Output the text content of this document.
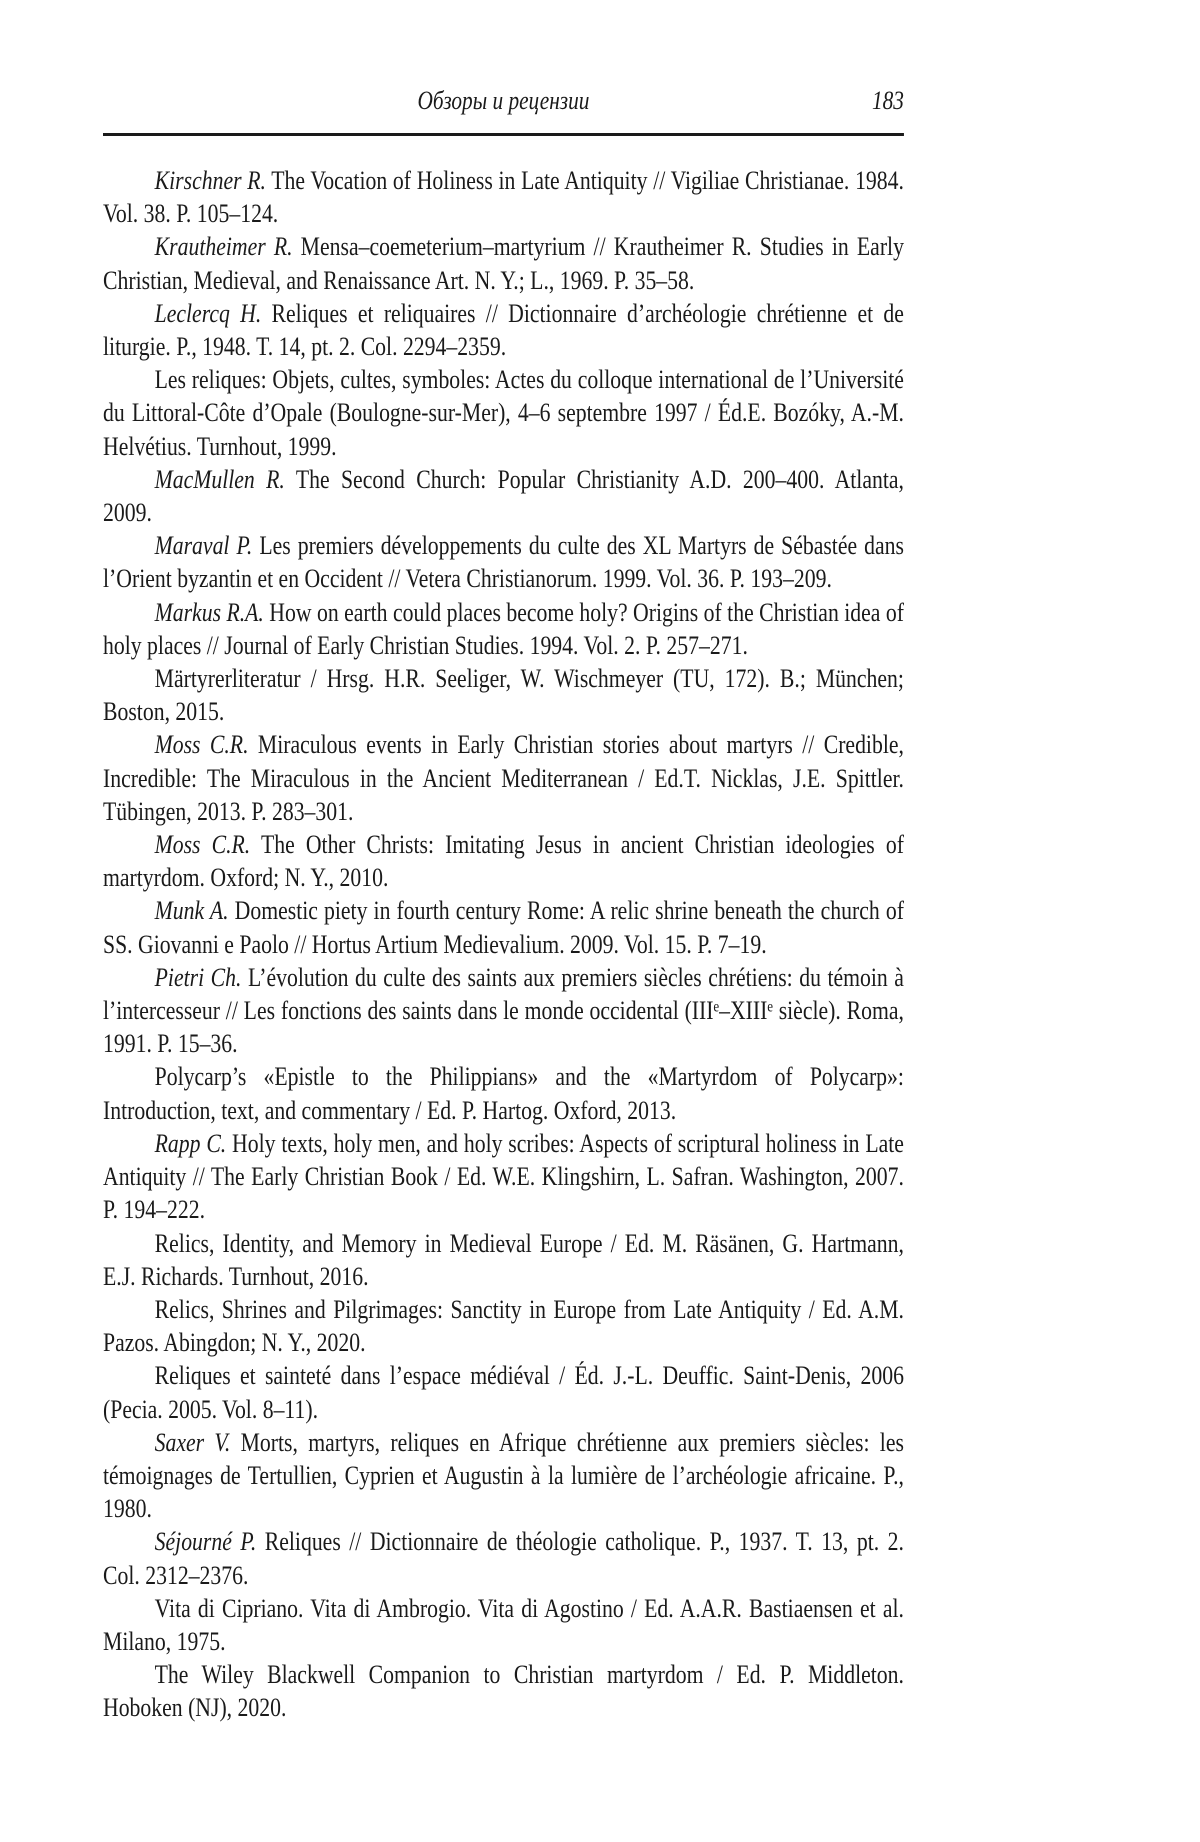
Обзоры и рецензии	183

Kirschner R. The Vocation of Holiness in Late Antiquity // Vigiliae Christianae. 1984. Vol. 38. P. 105–124.

Krautheimer R. Mensa–coemeterium–martyrium // Krautheimer R. Studies in Early Christian, Medieval, and Renaissance Art. N. Y.; L., 1969. P. 35–58.

Leclercq H. Reliques et reliquaires // Dictionnaire d’archéologie chrétienne et de liturgie. P., 1948. T. 14, pt. 2. Col. 2294–2359.

Les reliques: Objets, cultes, symboles: Actes du colloque international de l’Université du Littoral-Côte d’Opale (Boulogne-sur-Mer), 4–6 septembre 1997 / Éd.E. Bozóky, A.-M. Helvétius. Turnhout, 1999.

MacMullen R. The Second Church: Popular Christianity A.D. 200–400. Atlanta, 2009.

Maraval P. Les premiers développements du culte des XL Martyrs de Sébastée dans l’Orient byzantin et en Occident // Vetera Christianorum. 1999. Vol. 36. P. 193–209.

Markus R.A. How on earth could places become holy? Origins of the Christian idea of holy places // Journal of Early Christian Studies. 1994. Vol. 2. P. 257–271.

Märtyrerliteratur / Hrsg. H.R. Seeliger, W. Wischmeyer (TU, 172). B.; München; Boston, 2015.

Moss C.R. Miraculous events in Early Christian stories about martyrs // Credible, Incredible: The Miraculous in the Ancient Mediterranean / Ed.T. Nicklas, J.E. Spittler. Tübingen, 2013. P. 283–301.

Moss C.R. The Other Christs: Imitating Jesus in ancient Christian ideologies of martyrdom. Oxford; N. Y., 2010.

Munk A. Domestic piety in fourth century Rome: A relic shrine beneath the church of SS. Giovanni e Paolo // Hortus Artium Medievalium. 2009. Vol. 15. P. 7–19.

Pietri Ch. L’évolution du culte des saints aux premiers siècles chrétiens: du témoin à l’intercesseur // Les fonctions des saints dans le monde occidental (IIIᵉ–XIIIᵉ siècle). Roma, 1991. P. 15–36.

Polycarp’s «Epistle to the Philippians» and the «Martyrdom of Polycarp»: Introduction, text, and commentary / Ed. P. Hartog. Oxford, 2013.

Rapp C. Holy texts, holy men, and holy scribes: Aspects of scriptural holiness in Late Antiquity // The Early Christian Book / Ed. W.E. Klingshirn, L. Safran. Washington, 2007. P. 194–222.

Relics, Identity, and Memory in Medieval Europe / Ed. M. Räsänen, G. Hartmann, E.J. Richards. Turnhout, 2016.

Relics, Shrines and Pilgrimages: Sanctity in Europe from Late Antiquity / Ed. A.M. Pazos. Abingdon; N. Y., 2020.

Reliques et sainteté dans l’espace médiéval / Éd. J.-L. Deuffic. Saint-Denis, 2006 (Pecia. 2005. Vol. 8–11).

Saxer V. Morts, martyrs, reliques en Afrique chrétienne aux premiers siècles: les témoignages de Tertullien, Cyprien et Augustin à la lumière de l’archéologie africaine. P., 1980.

Séjourné P. Reliques // Dictionnaire de théologie catholique. P., 1937. T. 13, pt. 2. Col. 2312–2376.

Vita di Cipriano. Vita di Ambrogio. Vita di Agostino / Ed. A.A.R. Bastiaensen et al. Milano, 1975.

The Wiley Blackwell Companion to Christian martyrdom / Ed. P. Middleton. Hoboken (NJ), 2020.
